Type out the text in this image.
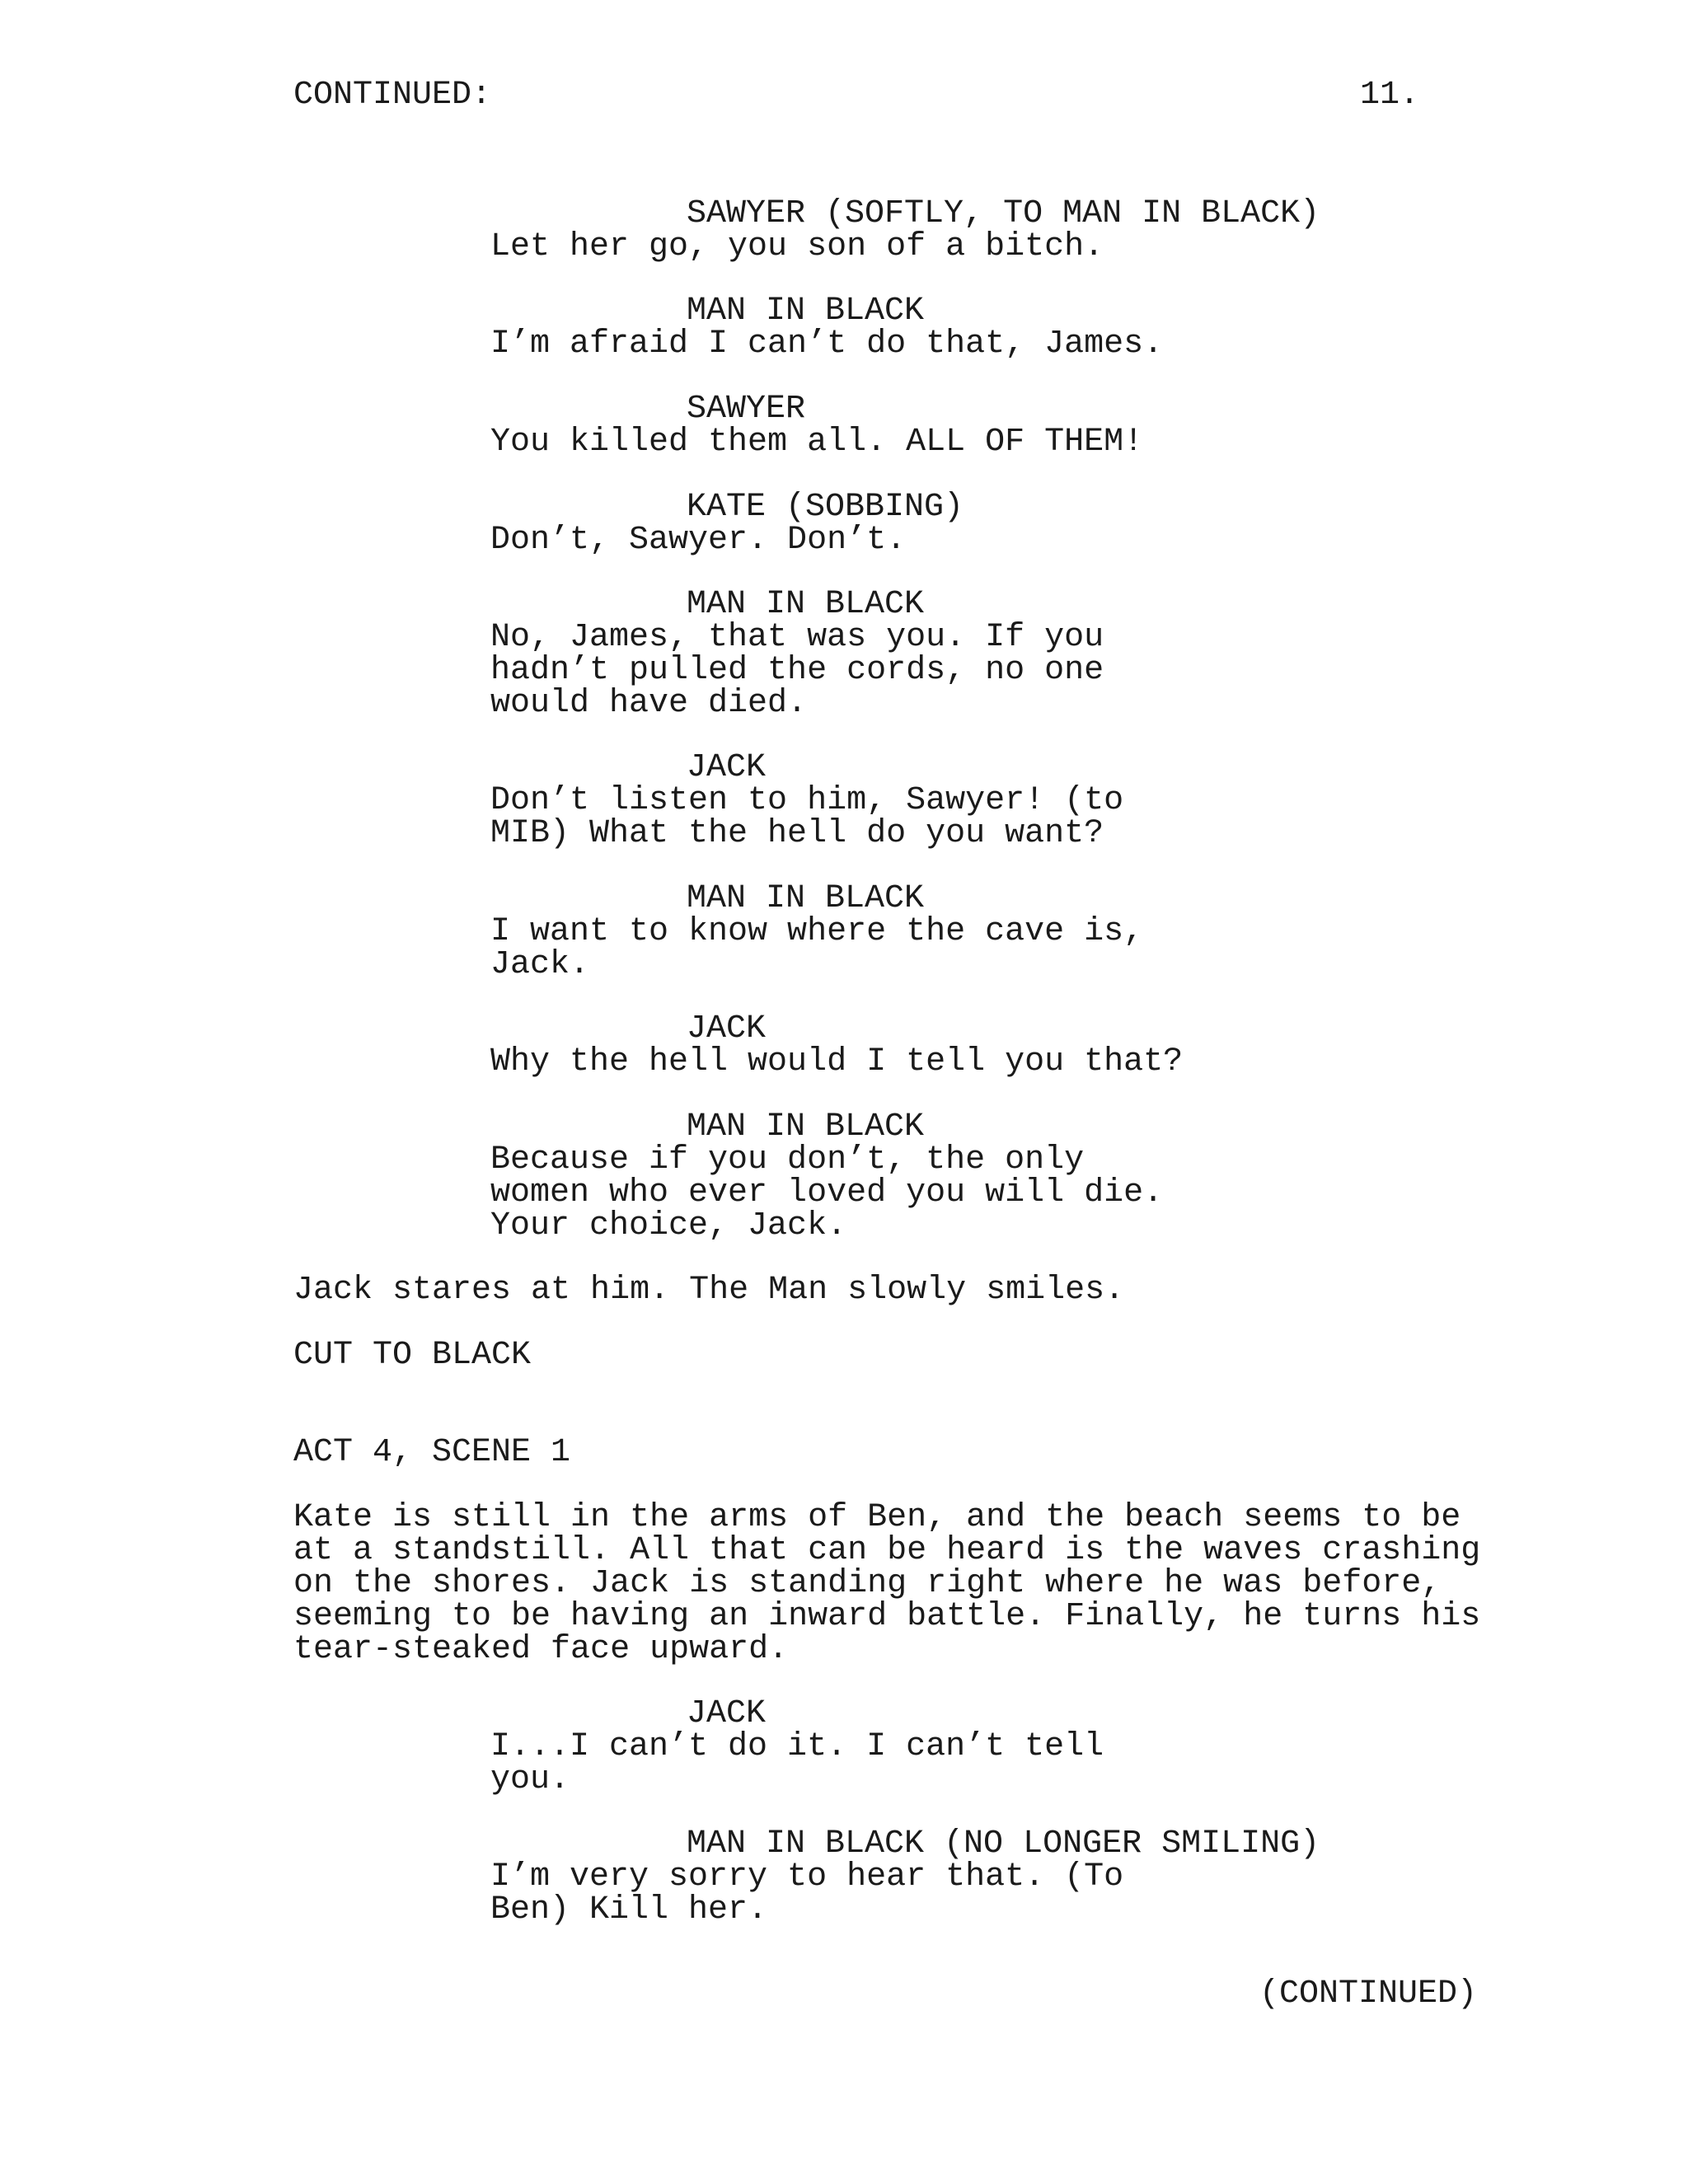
CONTINUED:	11.
SAWYER (SOFTLY, TO MAN IN BLACK)
Let her go, you son of a bitch.
MAN IN BLACK
I’m afraid I can’t do that, James.
SAWYER
You killed them all. ALL OF THEM!
KATE (SOBBING)
Don’t, Sawyer. Don’t.
MAN IN BLACK
No, James, that was you. If you
hadn’t pulled the cords, no one
would have died.
JACK
Don’t listen to him, Sawyer! (to
MIB) What the hell do you want?
MAN IN BLACK
I want to know where the cave is,
Jack.
JACK
Why the hell would I tell you that?
MAN IN BLACK
Because if you don’t, the only
women who ever loved you will die.
Your choice, Jack.
Jack stares at him. The Man slowly smiles.
CUT TO BLACK
ACT 4, SCENE 1
Kate is still in the arms of Ben, and the beach seems to be
at a standstill. All that can be heard is the waves crashing
on the shores. Jack is standing right where he was before,
seeming to be having an inward battle. Finally, he turns his
tear-steaked face upward.
JACK
I...I can’t do it. I can’t tell
you.
MAN IN BLACK (NO LONGER SMILING)
I’m very sorry to hear that. (To
Ben) Kill her.
(CONTINUED)
